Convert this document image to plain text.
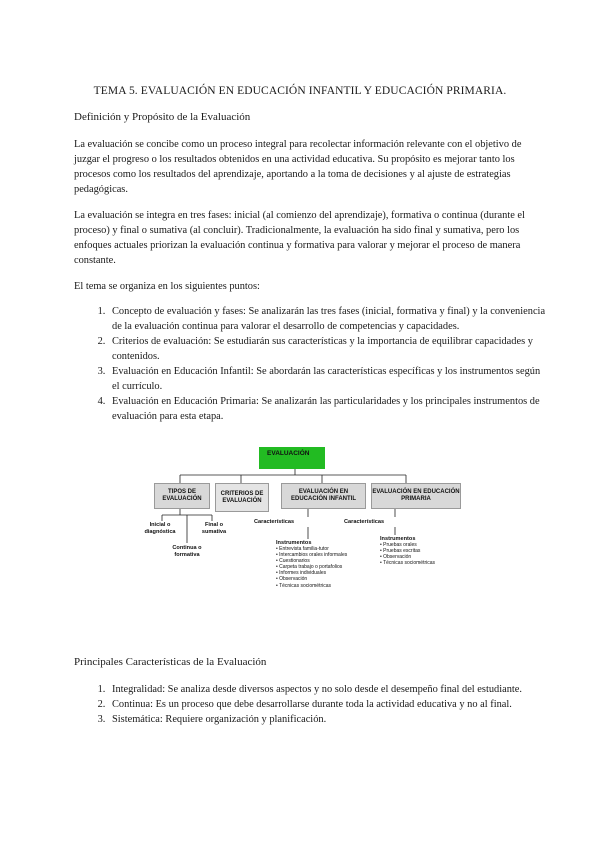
TEMA 5. EVALUACIÓN EN EDUCACIÓN INFANTIL Y EDUCACIÓN PRIMARIA.
Definición y Propósito de la Evaluación

La evaluación se concibe como un proceso integral para recolectar información relevante con el objetivo de juzgar el progreso o los resultados obtenidos en una actividad educativa. Su propósito es mejorar tanto los procesos como los resultados del aprendizaje, aportando a la toma de decisiones y al ajuste de estrategias pedagógicas.

La evaluación se integra en tres fases: inicial (al comienzo del aprendizaje), formativa o continua (durante el proceso) y final o sumativa (al concluir). Tradicionalmente, la evaluación ha sido final y sumativa, pero los enfoques actuales priorizan la evaluación continua y formativa para valorar y mejorar el proceso de manera constante.

El tema se organiza en los siguientes puntos:

1. Concepto de evaluación y fases: Se analizarán las tres fases (inicial, formativa y final) y la conveniencia de la evaluación continua para valorar el desarrollo de competencias y capacidades.
2. Criterios de evaluación: Se estudiarán sus características y la importancia de equilibrar capacidades y contenidos.
3. Evaluación en Educación Infantil: Se abordarán las características específicas y los instrumentos según el currículo.
4. Evaluación en Educación Primaria: Se analizarán las particularidades y los principales instrumentos de evaluación para esta etapa.
EVALUACIÓN
TIPOS DE EVALUACIÓN
CRITERIOS DE EVALUACIÓN
EVALUACIÓN EN EDUCACIÓN INFANTIL
EVALUACIÓN EN EDUCACIÓN PRIMARIA
Inicial o diagnóstica
Final o sumativa
Continua o formativa
Características
Instrumentos
• Entrevista familia-tutor
• Intercambios orales informales
• Cuestionarios
• Carpeta trabajo o portafolios
• Informes individuales
• Observación
• Técnicas sociométricas
Características
Instrumentos
• Pruebas orales
• Pruebas escritas
• Observación
• Técnicas sociométricas
Principales Características de la Evaluación
1. Integralidad: Se analiza desde diversos aspectos y no solo desde el desempeño final del estudiante.
2. Continua: Es un proceso que debe desarrollarse durante toda la actividad educativa y no al final.
3. Sistemática: Requiere organización y planificación.
